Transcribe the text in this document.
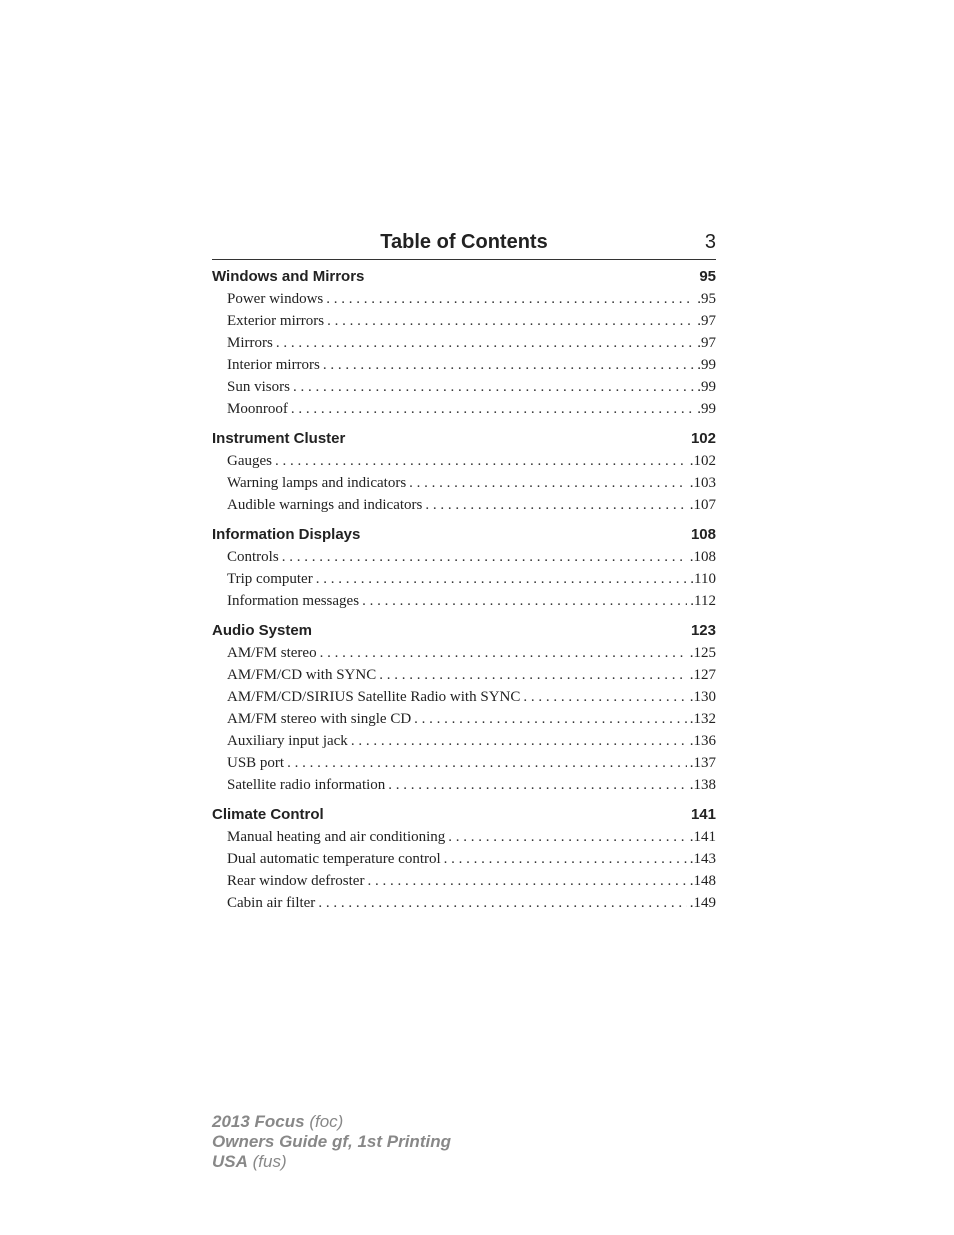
Table of Contents	3
Windows and Mirrors	95
Power windows . . .	.95
Exterior mirrors . . .	.97
Mirrors . . .	.97
Interior mirrors . . .	.99
Sun visors . . .	.99
Moonroof . . .	.99
Instrument Cluster	102
Gauges . . .	.102
Warning lamps and indicators . . .	.103
Audible warnings and indicators . . .	.107
Information Displays	108
Controls . . .	.108
Trip computer . . .	.110
Information messages . . .	.112
Audio System	123
AM/FM stereo . . .	.125
AM/FM/CD with SYNC . . .	.127
AM/FM/CD/SIRIUS Satellite Radio with SYNC . . .	.130
AM/FM stereo with single CD . . .	.132
Auxiliary input jack . . .	.136
USB port . . .	.137
Satellite radio information . . .	.138
Climate Control	141
Manual heating and air conditioning . . .	.141
Dual automatic temperature control . . .	.143
Rear window defroster . . .	.148
Cabin air filter . . .	.149
2013 Focus (foc)
Owners Guide gf, 1st Printing
USA (fus)
